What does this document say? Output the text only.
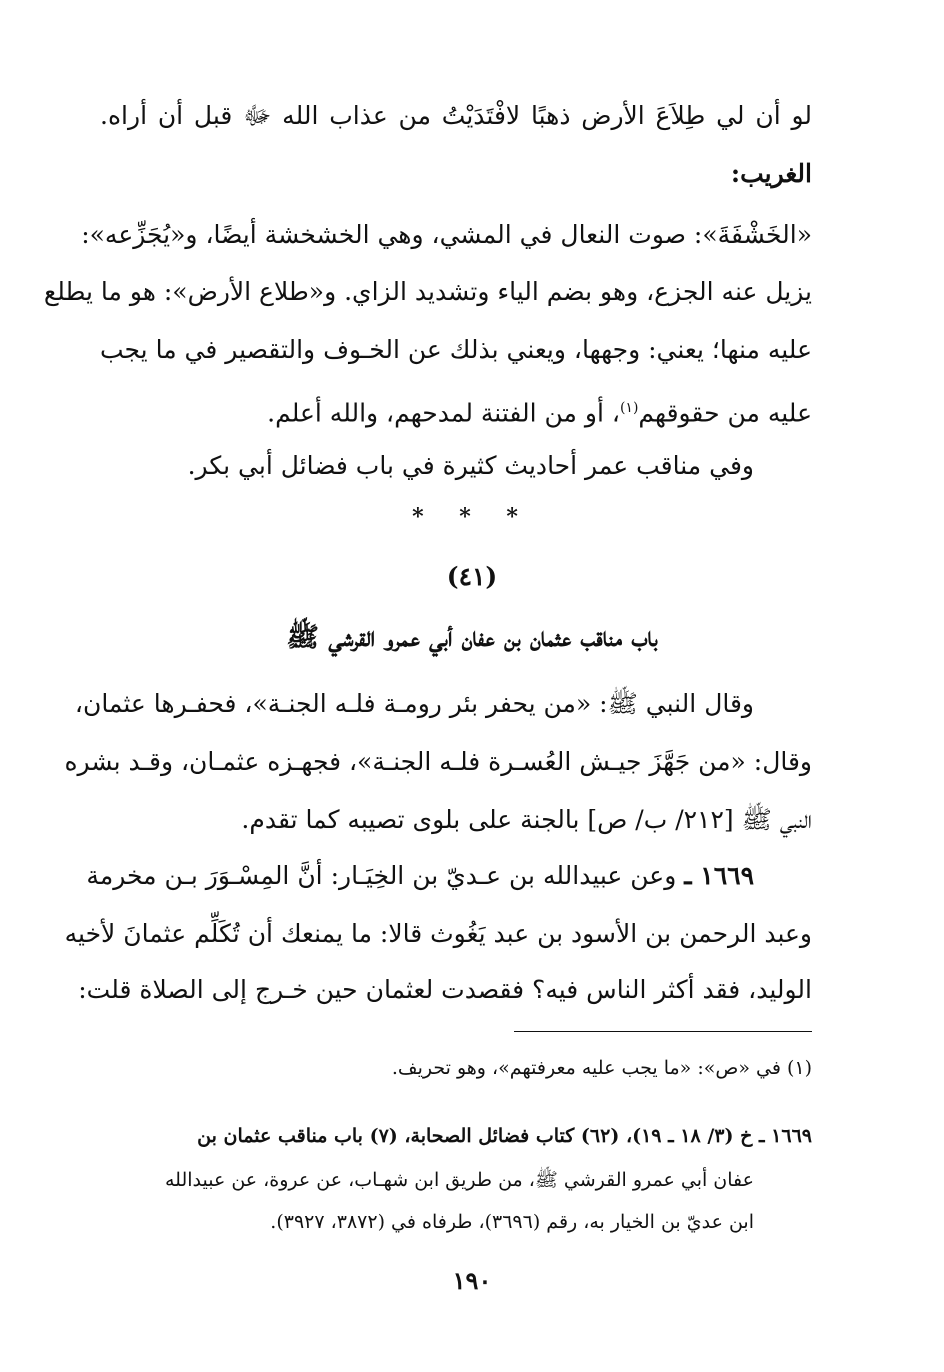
لو أن لي طِلاَعَ الأرض ذهبًا لافْتَدَيْتُ من عذاب الله ﷻ قبل أن أراه.
الغريب:
«الخَشْفَةَ»: صوت النعال في المشي، وهي الخشخشة أيضًا، و«يُجَزِّعه»:
يزيل عنه الجزع، وهو بضم الياء وتشديد الزاي. و«طلاع الأرض»: هو ما يطلع
عليه منها؛ يعني: وجهها، ويعني بذلك عن الخـوف والتقصير في ما يجب
عليه من حقوقهم$^{(١)}$، أو من الفتنة لمدحهم، والله أعلم.
وفي مناقب عمر أحاديث كثيرة في باب فضائل أبي بكر.
* * *
(٤١)
باب مناقب عثمان بن عفان أبي عمرو القرشي ﷺ
وقال النبي ﷺ: «من يحفر بئر رومـة فلـه الجنـة»، فحفـرها عثمان،
وقال: «من جَهَّزَ جيـش العُسـرة فلـه الجنـة»، فجهـزه عثمـان، وقـد بشره
النبي ﷺ [٢١٢/ ب/ ص] بالجنة على بلوى تصيبه كما تقدم.
١٦٦٩ ـ وعن عبيدالله بن عـديّ بن الخِيَـار: أنَّ المِسْـوَرَ بـن مخرمة
وعبد الرحمن بن الأسود بن عبد يَغُوث قالا: ما يمنعك أن تُكَلِّم عثمانَ لأخيه
الوليد، فقد أكثر الناس فيه؟ فقصدت لعثمان حين خـرج إلى الصلاة قلت:
(١) في «ص»: «ما يجب عليه معرفتهم»، وهو تحريف.
١٦٦٩ ـ خ (٣/ ١٨ ـ ١٩)، (٦٢) كتاب فضائل الصحابة، (٧) باب مناقب عثمان بن
عفان أبي عمرو القرشي ﷺ، من طريق ابن شهـاب، عن عروة، عن عبيدالله
ابن عديّ بن الخيار به، رقم (٣٦٩٦)، طرفاه في (٣٨٧٢، ٣٩٢٧).
١٩٠
